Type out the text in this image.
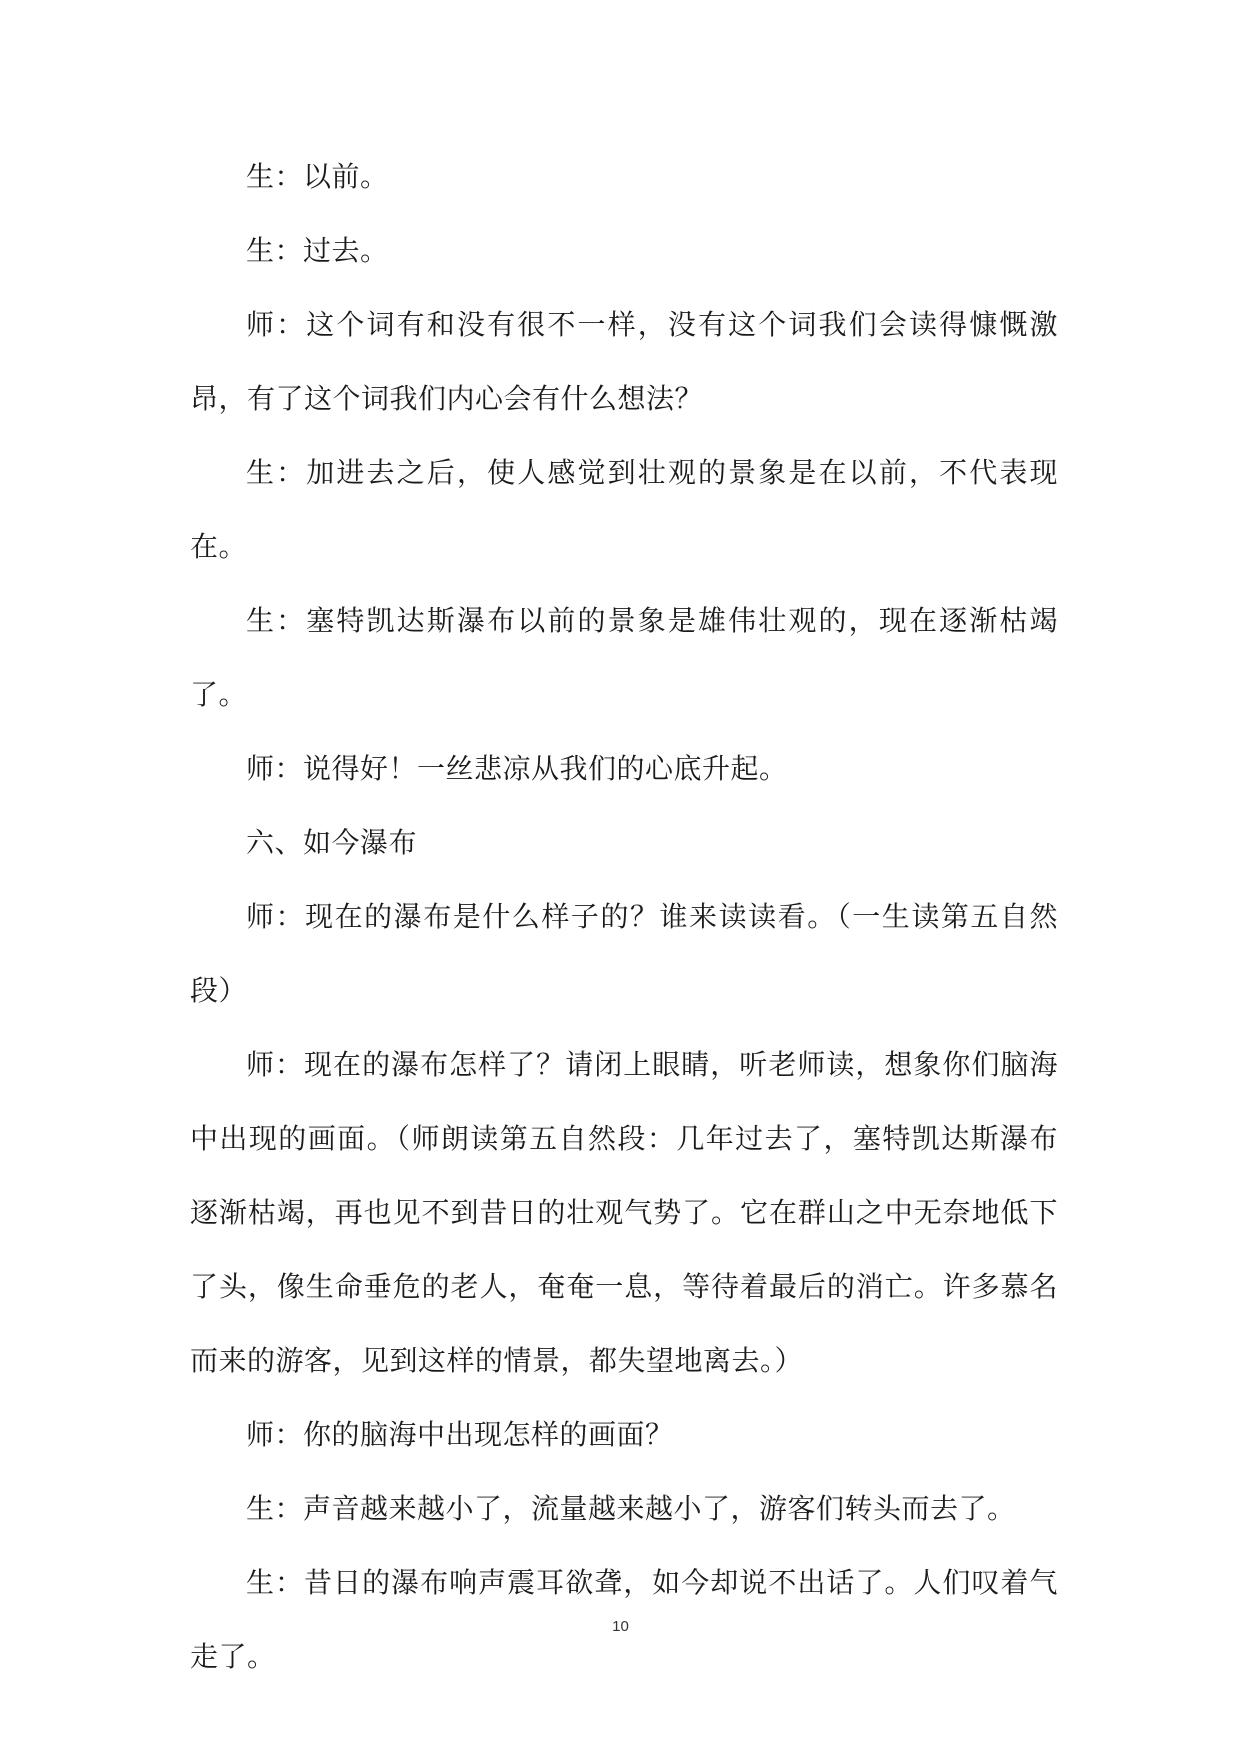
生：以前。

生：过去。

师：这个词有和没有很不一样，没有这个词我们会读得慷慨激昂，有了这个词我们内心会有什么想法？

生：加进去之后，使人感觉到壮观的景象是在以前，不代表现在。

生：塞特凯达斯瀑布以前的景象是雄伟壮观的，现在逐渐枯竭了。

师：说得好！一丝悲凉从我们的心底升起。

六、如今瀑布

师：现在的瀑布是什么样子的？谁来读读看。（一生读第五自然段）

师：现在的瀑布怎样了？请闭上眼睛，听老师读，想象你们脑海中出现的画面。（师朗读第五自然段：几年过去了，塞特凯达斯瀑布逐渐枯竭，再也见不到昔日的壮观气势了。它在群山之中无奈地低下了头，像生命垂危的老人，奄奄一息，等待着最后的消亡。许多慕名而来的游客，见到这样的情景，都失望地离去。）

师：你的脑海中出现怎样的画面？

生：声音越来越小了，流量越来越小了，游客们转头而去了。

生：昔日的瀑布响声震耳欲聋，如今却说不出话了。人们叹着气走了。

10
